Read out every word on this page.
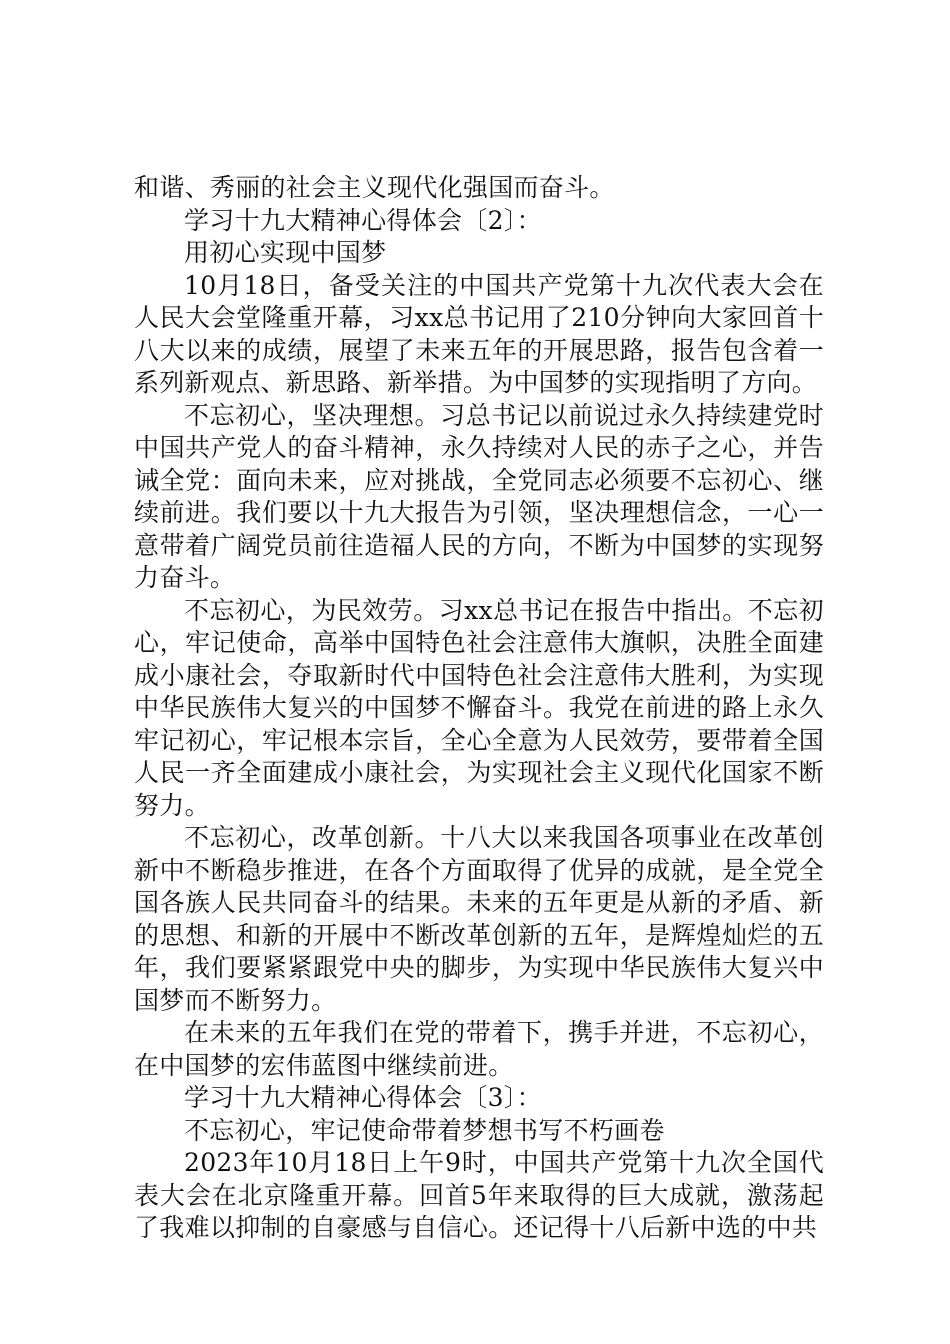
和谐、秀丽的社会主义现代化强国而奋斗。

学习十九大精神心得体会〔2〕：

用初心实现中国梦

10月18日，备受关注的中国共产党第十九次代表大会在人民大会堂隆重开幕，习xx总书记用了210分钟向大家回首十八大以来的成绩，展望了未来五年的开展思路，报告包含着一系列新观点、新思路、新举措。为中国梦的实现指明了方向。

不忘初心，坚决理想。习总书记以前说过永久持续建党时中国共产党人的奋斗精神，永久持续对人民的赤子之心，并告诫全党：面向未来，应对挑战，全党同志必须要不忘初心、继续前进。我们要以十九大报告为引领，坚决理想信念，一心一意带着广阔党员前往造福人民的方向，不断为中国梦的实现努力奋斗。

不忘初心，为民效劳。习xx总书记在报告中指出。不忘初心，牢记使命，高举中国特色社会注意伟大旗帜，决胜全面建成小康社会，夺取新时代中国特色社会注意伟大胜利，为实现中华民族伟大复兴的中国梦不懈奋斗。我党在前进的路上永久牢记初心，牢记根本宗旨，全心全意为人民效劳，要带着全国人民一齐全面建成小康社会，为实现社会主义现代化国家不断努力。

不忘初心，改革创新。十八大以来我国各项事业在改革创新中不断稳步推进，在各个方面取得了优异的成就，是全党全国各族人民共同奋斗的结果。未来的五年更是从新的矛盾、新的思想、和新的开展中不断改革创新的五年，是辉煌灿烂的五年，我们要紧紧跟党中央的脚步，为实现中华民族伟大复兴中国梦而不断努力。

在未来的五年我们在党的带着下，携手并进，不忘初心，在中国梦的宏伟蓝图中继续前进。

学习十九大精神心得体会〔3〕：

不忘初心，牢记使命带着梦想书写不朽画卷

2023年10月18日上午9时，中国共产党第十九次全国代表大会在北京隆重开幕。回首5年来取得的巨大成就，激荡起了我难以抑制的自豪感与自信心。还记得十八后新中选的中共
